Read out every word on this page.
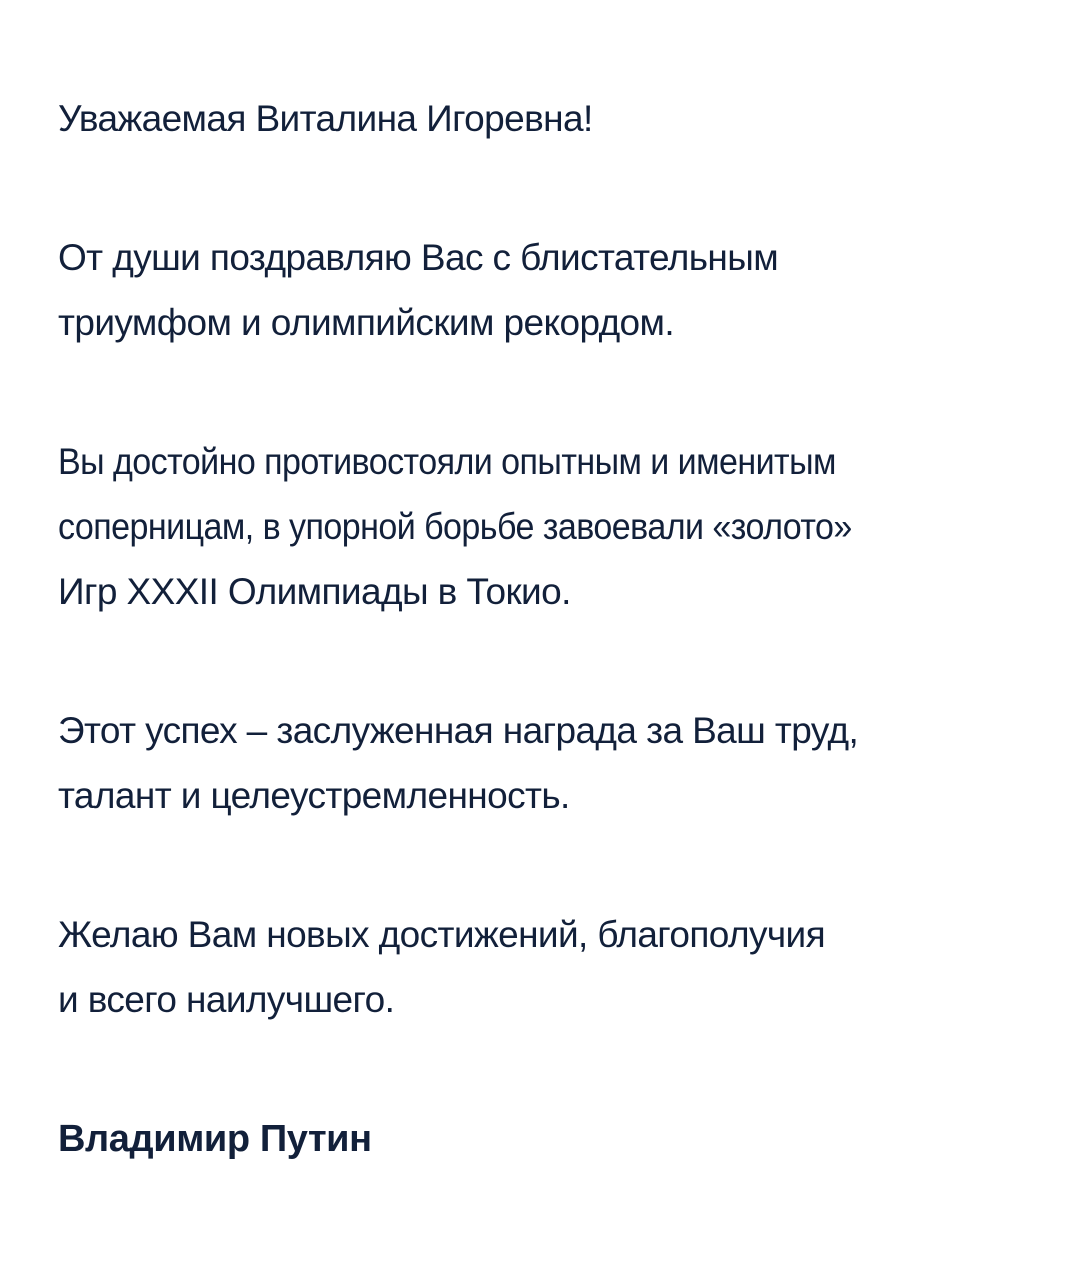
Уважаемая Виталина Игоревна!

От души поздравляю Вас с блистательным

триумфом и олимпийским рекордом.

Вы достойно противостояли опытным и именитым

соперницам, в упорной борьбе завоевали «золото»

Игр XXXII Олимпиады в Токио.

Этот успех – заслуженная награда за Ваш труд,

талант и целеустремленность.

Желаю Вам новых достижений, благополучия

и всего наилучшего.

Владимир Путин
